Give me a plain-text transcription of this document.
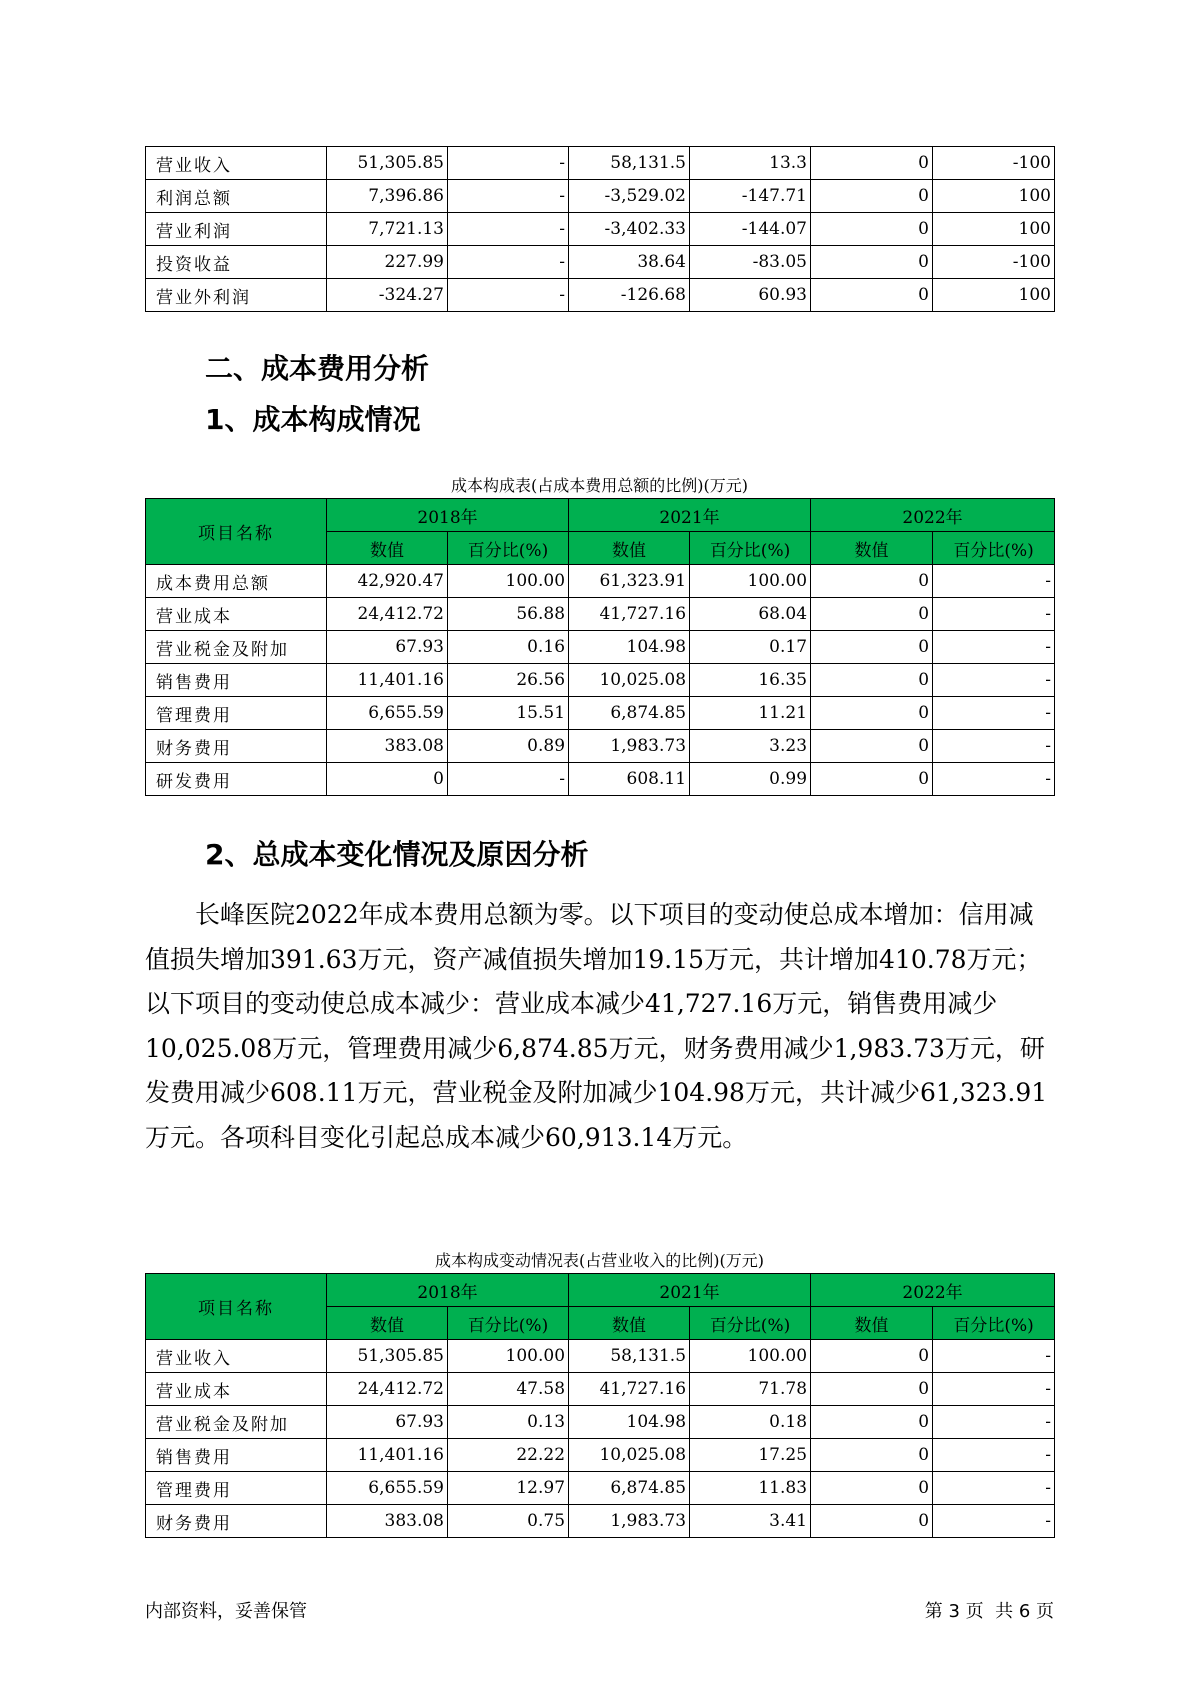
营业收入	51,305.85	-	58,131.5	13.3	0	-100
利润总额	7,396.86	-	-3,529.02	-147.71	0	100
营业利润	7,721.13	-	-3,402.33	-144.07	0	100
投资收益	227.99	-	38.64	-83.05	0	-100
营业外利润	-324.27	-	-126.68	60.93	0	100
二、成本费用分析
1、成本构成情况

成本构成表(占成本费用总额的比例)(万元)

项目名称	2018年		2021年		2022年	
	数值	百分比(%)	数值	百分比(%)	数值	百分比(%)
成本费用总额	42,920.47	100.00	61,323.91	100.00	0	-
营业成本	24,412.72	56.88	41,727.16	68.04	0	-
营业税金及附加	67.93	0.16	104.98	0.17	0	-
销售费用	11,401.16	26.56	10,025.08	16.35	0	-
管理费用	6,655.59	15.51	6,874.85	11.21	0	-
财务费用	383.08	0.89	1,983.73	3.23	0	-
研发费用	0	-	608.11	0.99	0	-
2、总成本变化情况及原因分析

长峰医院2022年成本费用总额为零。以下项目的变动使总成本增加：信用减值损失增加391.63万元，资产减值损失增加19.15万元，共计增加410.78万元；以下项目的变动使总成本减少：营业成本减少41,727.16万元，销售费用减少10,025.08万元，管理费用减少6,874.85万元，财务费用减少1,983.73万元，研发费用减少608.11万元，营业税金及附加减少104.98万元，共计减少61,323.91万元。各项科目变化引起总成本减少60,913.14万元。

成本构成变动情况表(占营业收入的比例)(万元)

项目名称	2018年		2021年		2022年	
	数值	百分比(%)	数值	百分比(%)	数值	百分比(%)
营业收入	51,305.85	100.00	58,131.5	100.00	0	-
营业成本	24,412.72	47.58	41,727.16	71.78	0	-
营业税金及附加	67.93	0.13	104.98	0.18	0	-
销售费用	11,401.16	22.22	10,025.08	17.25	0	-
管理费用	6,655.59	12.97	6,874.85	11.83	0	-
财务费用	383.08	0.75	1,983.73	3.41	0	-

内部资料，妥善保管	第 3 页  共 6 页
